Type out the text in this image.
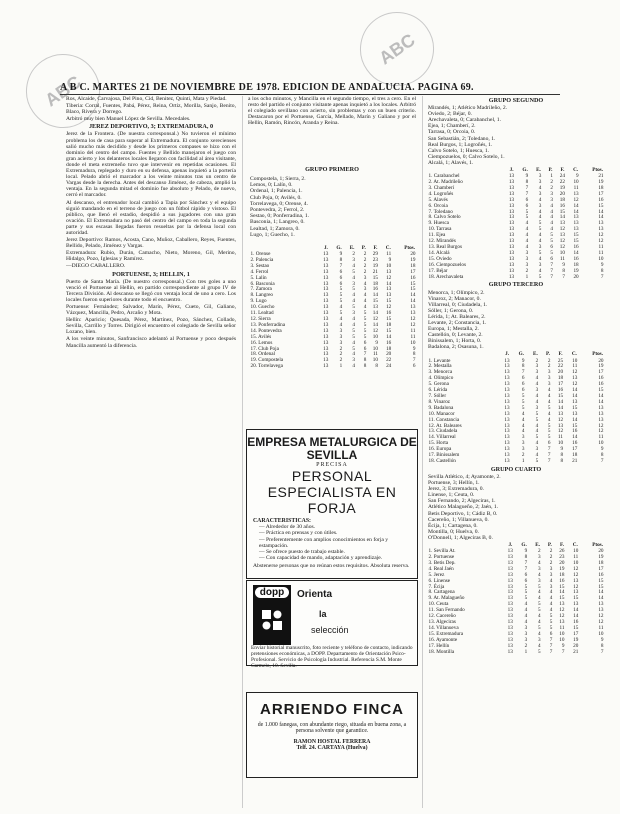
ABC
ABC
A B C. MARTES 21 DE NOVIEMBRE DE 1978. EDICION DE ANDALUCIA. PAGINA 69.

Ros, Alcaide, Carvajosa, Del Pino, Cid, Benitez, Quinti, Mata y Piedad.

Tiberia: Corral, Fuentes, Pabá, Pérez, Reina, Ortiz, Morilla, Sanjo, Benito, Blaco, Rivera y Dorrego.

Arbitró muy bien Manuel López de Sevilla. Mecedales.

JEREZ DEPORTIVO, 3; EXTREMADURA, 0

Jerez de la Frontera. (De nuestra corresponsal.) No tuvieron el mínimo problema los de casa para superar al Extremadura. El conjunto xerecienses salió mucho más decidido y desde los primeros compases se hizo con el dominio del centro del campo. Fuentes y Bellido manejaron el juego con gran acierto y los delanteros locales llegaron con facilidad al área visitante, donde el meta extremeño tuvo que intervenir en repetidas ocasiones. El Extremadura, replegado y duro en su defensa, apenas inquietó a la portería local. Pelado abrió el marcador a los veinte minutos tras un centro de Vargas desde la derecha. Antes del descanso Jiménez, de cabeza, amplió la ventaja. En la segunda mitad el dominio fue absoluto y Pelado, de nuevo, cerró el marcador.

Al descanso, el entrenador local cambió a Tapia por Sánchez y el equipo siguió mandando en el terreno de juego con un fútbol rápido y vistoso. El público, que llenó el estadio, despidió a sus jugadores con una gran ovación. El Extremadura no pasó del centro del campo en toda la segunda parte y sus escasas llegadas fueron resueltas por la defensa local con autoridad.

Jerez Deportivo: Ramos, Acosta, Cano, Muñoz, Caballero, Reyes, Fuentes, Bellido, Pelado, Jiménez y Vargas.

Extremadura: Rubio, Durán, Camacho, Nieto, Moreno, Gil, Merino, Hidalgo, Pozo, Iglesias y Ramírez.

—DIEGO CABALLERO.

PORTUENSE, 3; HELLIN, 1

Puerto de Santa María. (De nuestro corresponsal.) Con tres goles a uno venció el Portuense al Hellín, en partido correspondiente al grupo IV de Tercera División. Al descanso se llegó con ventaja local de uno a cero. Los locales fueron superiores durante todo el encuentro.

Portuense: Fernández; Salvador, Marín, Pérez, Cueto, Gil, Galiano, Vázquez, Mancilla, Pedro, Arcaño y Mota.

Hellín: Aparicio; Quesada, Pérez, Martínez, Pozo, Sánchez, Collado, Sevilla, Carrillo y Torres. Dirigió el encuentro el colegiado de Sevilla señor Lozano, bien.

A los veinte minutos, Sanfrancisco adelantó al Portuense y poco después Mancilla aumentó la diferencia.

a los ocho minutos, y Mancilla en el segundo tiempo, el tres a cero. En el resto del partido el conjunto visitante apenas inquietó a los locales. Arbitró el colegiado sevillano con acierto, sin problemas y con un buen criterio. Destacaron por el Portuense, García, Mellado, Marín y Galiano y por el Hellín, Ramón, Rincón, Aranda y Reina.

GRUPO PRIMERO
Compostela, 1; Sierra, 2.
Lemos, 0; Lalín, 0.
Ordenal, 1; Palencia, 1.
Club Poja, 0; Avilés, 0.
Torrelavega, 0; Orense, 4.
Pontevedra, 2; Ferrol, 2.
Sestao, 0; Ponferradina, 1.
Basconia, 1; Langreo, 0.
Lealtad, 1; Zamora, 0.
Lugo, 1; Guecho, 1.
	J.	G.	E.	P.	F.	C.	Ptos.
1. Orense	13	9	2	2	29	11	20
2. Palencia	13	8	3	2	23	9	19
3. Sestao	13	7	4	2	19	10	18
4. Ferrol	13	6	5	2	21	13	17
5. Lalín	13	6	4	3	15	12	16
6. Basconia	13	6	3	4	18	14	15
7. Zamora	13	5	5	3	16	13	15
8. Langreo	13	5	4	4	14	13	14
9. Lugo	13	5	4	4	15	15	14
10. Guecho	13	4	5	4	13	12	13
11. Lealtad	13	5	3	5	14	16	13
12. Sierra	13	4	4	5	12	15	12
13. Ponferradina	13	4	4	5	14	18	12
14. Pontevedra	13	3	5	5	12	15	11
15. Avilés	13	3	5	5	10	14	11
16. Lemos	13	3	4	6	9	16	10
17. Club Poja	13	2	5	6	10	18	9
18. Ordenal	13	2	4	7	11	20	8
19. Compostela	13	2	3	8	10	22	7
20. Torrelavega	13	1	4	8	8	24	6
EMPRESA METALURGICA DE SEVILLA
PRECISA
PERSONAL ESPECIALISTA EN FORJA
CARACTERISTICAS:
— Alrededor de 30 años.
— Práctica en prensas y con útiles.
— Preferentemente con amplios conocimientos en forja y estampación.
— Se ofrece puesto de trabajo estable.
— Con capacidad de mando, adaptación y aprendizaje.
Abstenerse personas que no reúnan estos requisitos. Absoluta reserva.
dopp	Orienta
la
selección
Enviar historial manuscrito, foto reciente y teléfono de contacto, indicando pretensiones económicas, a DOPP. Departamento de Orientación Psico-Profesional. Servicio de Psicología Industrial. Referencia S.M. Monte Carmelo, 10. Sevilla.
ARRIENDO FINCA
de 1.000 fanegas, con abundante riego, situada en buena zona, a persona solvente que garantice.
RAMON HOSTAL FERRERA
Telf. 24. CARTAYA (Huelva)
GRUPO SEGUNDO
Mirandés, 1; Atlético Madrileño, 2.
Oviedo, 2; Béjar, 0.
Arechavaleta, 0; Carabanchel, 1.
Ejea, 1; Chamberí, 2.
Tarrasa, 0; Orcoia, 0.
San Sebastián, 2; Toledano, 1.
Real Burgos, 1; Logroñés, 1.
Calvo Sotelo, 1; Huesca, 1.
Ciempozuelos, 0; Calvo Sotelo, 1.
Alcalá, 1; Alavés, 1.
	J.	G.	E.	P.	F.	C.	Ptos.
1. Carabanchel	13	9	3	1	24	9	21
2. At. Madrileño	13	8	3	2	22	10	19
3. Chamberí	13	7	4	2	19	11	18
4. Logroñés	13	7	3	3	20	13	17
5. Alavés	13	6	4	3	18	12	16
6. Orcoia	13	6	3	4	16	14	15
7. Toledano	13	5	4	4	15	14	14
8. Calvo Sotelo	13	5	4	4	14	13	14
9. Huesca	13	4	5	4	13	13	13
10. Tarrasa	13	4	5	4	12	13	13
11. Ejea	13	4	4	5	13	15	12
12. Mirandés	13	4	4	5	12	15	12
13. Real Burgos	13	4	3	6	12	16	11
14. Alcalá	13	3	5	5	10	14	11
15. Oviedo	13	3	4	6	11	16	10
16. Ciempozuelos	13	3	3	7	9	18	9
17. Béjar	13	2	4	7	8	19	8
18. Arechavaleta	13	1	5	7	7	20	7
GRUPO TERCERO
Menorca, 1; Olímpico, 2.
Vinaroz, 2; Manacor, 0.
Villarreal, 0; Ciudadela, 1.
Sóller, 1; Gerona, 0.
Lérida, 1; At. Baleares, 2.
Levante, 2; Constancia, 1.
Europa, 1; Mestalla, 2.
Castellón, 0; Levante, 2.
Binissalem, 1; Horta, 0.
Badalona, 2; Osasuna, 1.
	J.	G.	E.	P.	F.	C.	Ptos.
1. Levante	13	9	2	2	25	10	20
2. Mestalla	13	8	3	2	22	11	19
3. Menorca	13	7	3	3	20	12	17
4. Olímpico	13	6	4	3	18	13	16
5. Gerona	13	6	4	3	17	12	16
6. Lérida	13	6	3	4	16	14	15
7. Sóller	13	5	4	4	15	14	14
8. Vinaroz	13	5	4	4	14	13	14
9. Badalona	13	5	3	5	14	15	13
10. Manacor	13	4	5	4	13	13	13
11. Constancia	13	4	5	4	12	14	13
12. At. Baleares	13	4	4	5	13	15	12
13. Ciudadela	13	4	4	5	12	16	12
14. Villarreal	13	3	5	5	11	14	11
15. Horta	13	3	4	6	10	16	10
16. Europa	13	3	3	7	9	17	9
17. Binissalem	13	2	4	7	8	18	8
18. Castellón	13	1	5	7	8	21	7
GRUPO CUARTO
Sevilla Atlético, 4; Ayamonte, 2.
Portuense, 3; Hellín, 1.
Jerez, 3; Extremadura, 0.
Linense, 1; Ceuta, 0.
San Fernando, 2; Algeciras, 1.
Atlético Malagueño, 2; Jaén, 1.
Betis Deportivo, 1; Cádiz B, 0.
Cacereño, 1; Villanueva, 0.
Écija, 1; Cartagena, 0.
Montilla, 0; Huelva, 0.
O'Donnell, 1; Algeciras B, 0.
	J.	G.	E.	P.	F.	C.	Ptos.
1. Sevilla At.	13	9	2	2	26	10	20
2. Portuense	13	8	3	2	23	11	19
3. Betis Dep.	13	7	4	2	20	10	18
4. Real Jaén	13	7	3	3	19	12	17
5. Jerez	13	6	4	3	18	12	16
6. Linense	13	6	3	4	16	13	15
7. Écija	13	5	5	3	15	12	15
8. Cartagena	13	5	4	4	14	13	14
9. At. Malagueño	13	5	4	4	15	15	14
10. Ceuta	13	4	5	4	13	13	13
11. San Fernando	13	4	5	4	12	14	13
12. Cacereño	13	4	4	5	12	14	12
13. Algeciras	13	4	4	5	13	16	12
14. Villanueva	13	3	5	5	11	15	11
15. Extremadura	13	3	4	6	10	17	10
16. Ayamonte	13	3	3	7	10	19	9
17. Hellín	13	2	4	7	9	20	8
18. Montilla	13	1	5	7	7	21	7
